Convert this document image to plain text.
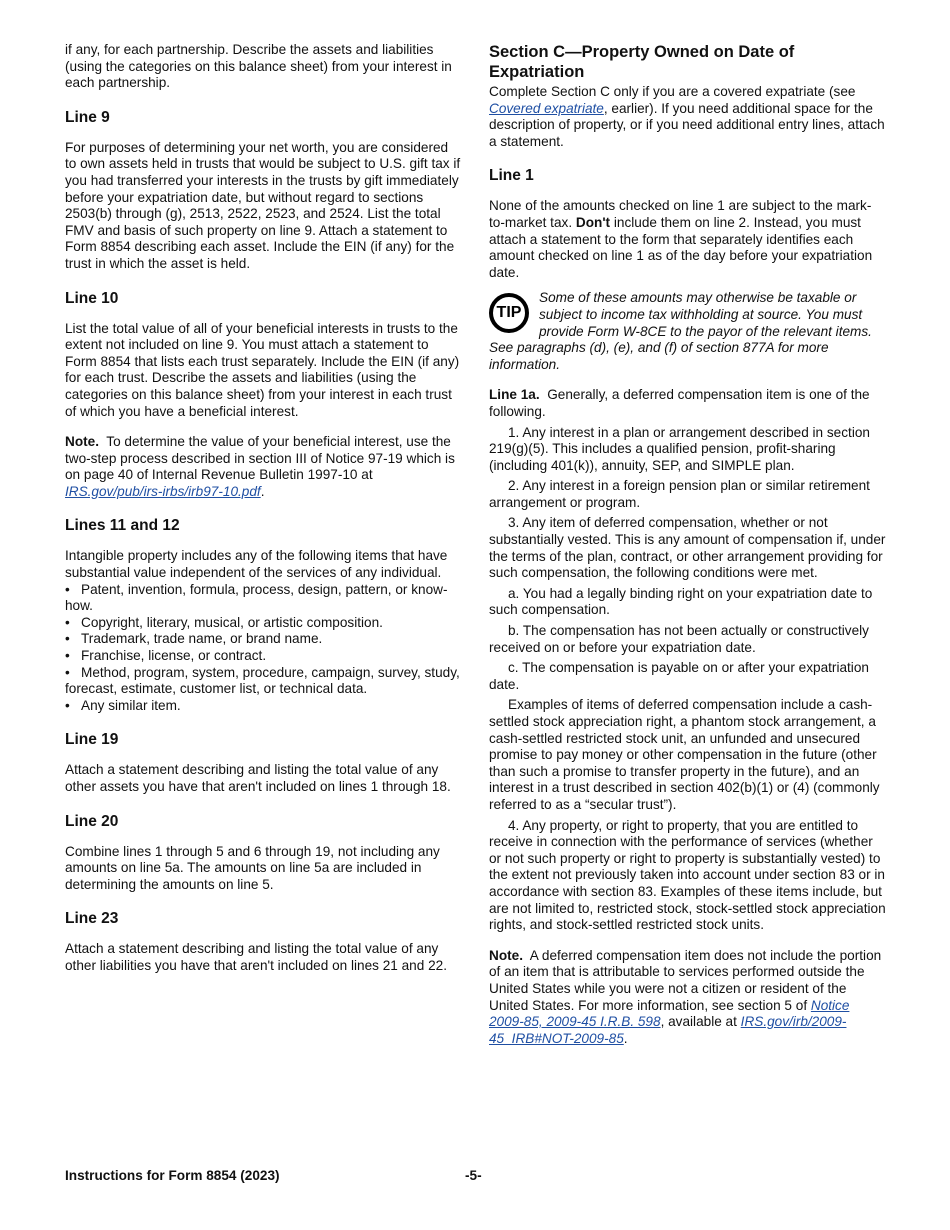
if any, for each partnership. Describe the assets and liabilities (using the categories on this balance sheet) from your interest in each partnership.

Line 9

For purposes of determining your net worth, you are considered to own assets held in trusts that would be subject to U.S. gift tax if you had transferred your interests in the trusts by gift immediately before your expatriation date, but without regard to sections 2503(b) through (g), 2513, 2522, 2523, and 2524. List the total FMV and basis of such property on line 9. Attach a statement to Form 8854 describing each asset. Include the EIN (if any) for the trust in which the asset is held.

Line 10

List the total value of all of your beneficial interests in trusts to the extent not included on line 9. You must attach a statement to Form 8854 that lists each trust separately. Include the EIN (if any) for each trust. Describe the assets and liabilities (using the categories on this balance sheet) from your interest in each trust of which you have a beneficial interest.

Note. To determine the value of your beneficial interest, use the two-step process described in section III of Notice 97-19 which is on page 40 of Internal Revenue Bulletin 1997-10 at IRS.gov/pub/irs-irbs/irb97-10.pdf.

Lines 11 and 12

Intangible property includes any of the following items that have substantial value independent of the services of any individual.

• Patent, invention, formula, process, design, pattern, or know-how.

• Copyright, literary, musical, or artistic composition.

• Trademark, trade name, or brand name.

• Franchise, license, or contract.

• Method, program, system, procedure, campaign, survey, study, forecast, estimate, customer list, or technical data.

• Any similar item.

Line 19

Attach a statement describing and listing the total value of any other assets you have that aren't included on lines 1 through 18.

Line 20

Combine lines 1 through 5 and 6 through 19, not including any amounts on line 5a. The amounts on line 5a are included in determining the amounts on line 5.

Line 23

Attach a statement describing and listing the total value of any other liabilities you have that aren't included on lines 21 and 22.

Section C—Property Owned on Date of Expatriation

Complete Section C only if you are a covered expatriate (see Covered expatriate, earlier). If you need additional space for the description of property, or if you need additional entry lines, attach a statement.

Line 1

None of the amounts checked on line 1 are subject to the mark-to-market tax. Don't include them on line 2. Instead, you must attach a statement to the form that separately identifies each amount checked on line 1 as of the day before your expatriation date.

TIP
Some of these amounts may otherwise be taxable or subject to income tax withholding at source. You must provide Form W-8CE to the payor of the relevant items. See paragraphs (d), (e), and (f) of section 877A for more information.

Line 1a. Generally, a deferred compensation item is one of the following.

1. Any interest in a plan or arrangement described in section 219(g)(5). This includes a qualified pension, profit-sharing (including 401(k)), annuity, SEP, and SIMPLE plan.

2. Any interest in a foreign pension plan or similar retirement arrangement or program.

3. Any item of deferred compensation, whether or not substantially vested. This is any amount of compensation if, under the terms of the plan, contract, or other arrangement providing for such compensation, the following conditions were met.

a. You had a legally binding right on your expatriation date to such compensation.

b. The compensation has not been actually or constructively received on or before your expatriation date.

c. The compensation is payable on or after your expatriation date.

Examples of items of deferred compensation include a cash-settled stock appreciation right, a phantom stock arrangement, a cash-settled restricted stock unit, an unfunded and unsecured promise to pay money or other compensation in the future (other than such a promise to transfer property in the future), and an interest in a trust described in section 402(b)(1) or (4) (commonly referred to as a “secular trust”).

4. Any property, or right to property, that you are entitled to receive in connection with the performance of services (whether or not such property or right to property is substantially vested) to the extent not previously taken into account under section 83 or in accordance with section 83. Examples of these items include, but are not limited to, restricted stock, stock-settled stock appreciation rights, and stock-settled restricted stock units.

Note. A deferred compensation item does not include the portion of an item that is attributable to services performed outside the United States while you were not a citizen or resident of the United States. For more information, see section 5 of Notice 2009-85, 2009-45 I.R.B. 598, available at IRS.gov/irb/2009-45_IRB#NOT-2009-85.

Instructions for Form 8854 (2023)	-5-
